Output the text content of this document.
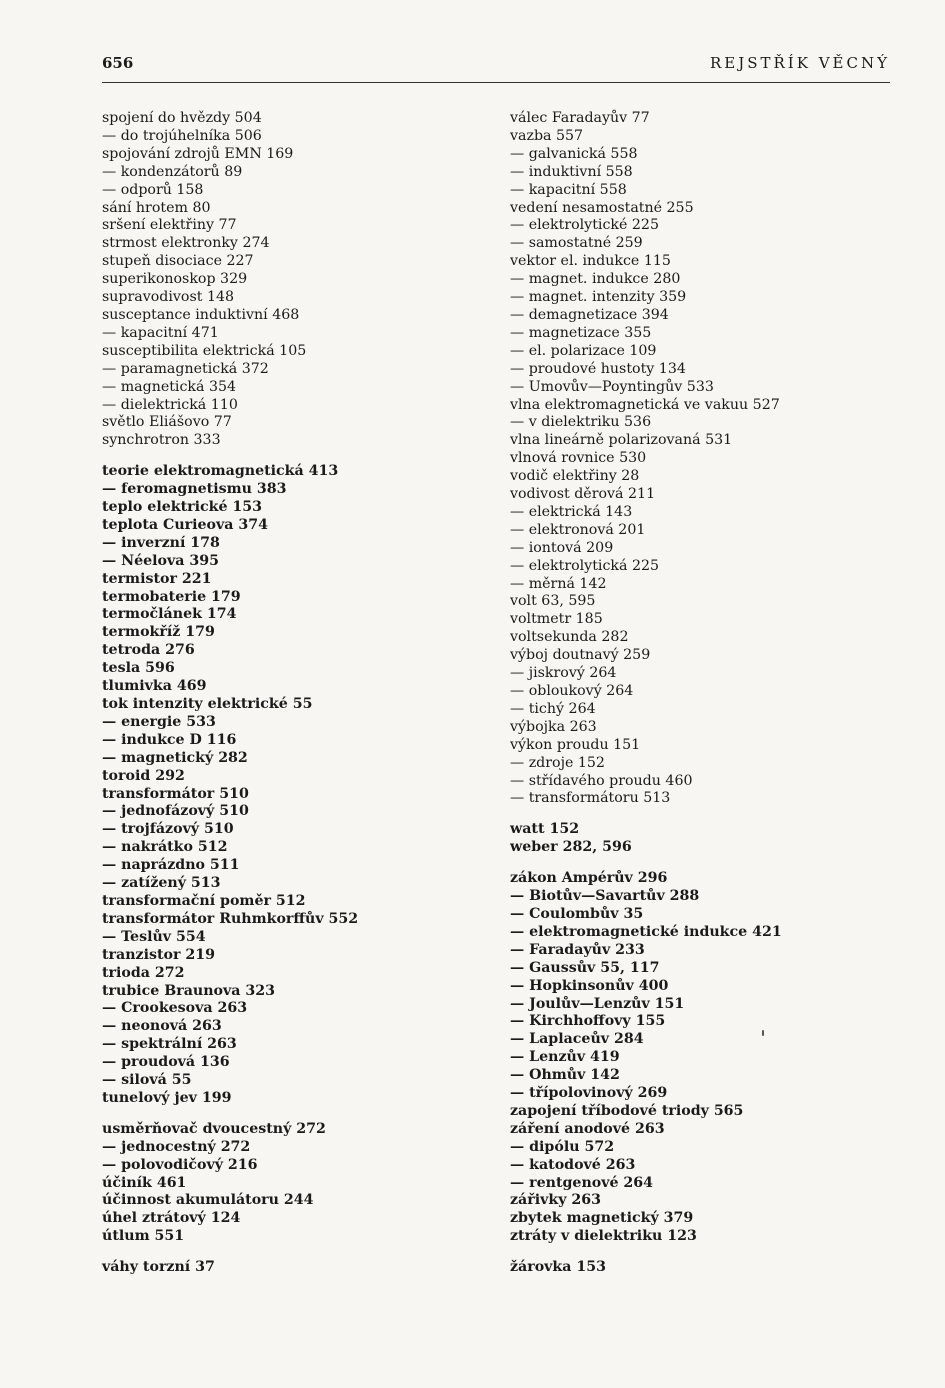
656	REJSTŘÍK VĚCNÝ
spojení do hvězdy 504
— do trojúhelníka 506
spojování zdrojů EMN 169
— kondenzátorů 89
— odporů 158
sání hrotem 80
sršení elektřiny 77
strmost elektronky 274
stupeň disociace 227
superikonoskop 329
supravodivost 148
susceptance induktivní 468
— kapacitní 471
susceptibilita elektrická 105
— paramagnetická 372
— magnetická 354
— dielektrická 110
světlo Eliášovo 77
synchrotron 333
teorie elektromagnetická 413
— feromagnetismu 383
teplo elektrické 153
teplota Curieova 374
— inverzní 178
— Néelova 395
termistor 221
termobaterie 179
termočlánek 174
termokříž 179
tetroda 276
tesla 596
tlumivka 469
tok intenzity elektrické 55
— energie 533
— indukce D 116
— magnetický 282
toroid 292
transformátor 510
— jednofázový 510
— trojfázový 510
— nakrátko 512
— naprázdno 511
— zatížený 513
transformační poměr 512
transformátor Ruhmkorffův 552
— Teslův 554
tranzistor 219
trioda 272
trubice Braunova 323
— Crookesova 263
— neonová 263
— spektrální 263
— proudová 136
— silová 55
tunelový jev 199
usměrňovač dvoucestný 272
— jednocestný 272
— polovodičový 216
účiník 461
účinnost akumulátoru 244
úhel ztrátový 124
útlum 551
váhy torzní 37
válec Faradayův 77
vazba 557
— galvanická 558
— induktivní 558
— kapacitní 558
vedení nesamostatné 255
— elektrolytické 225
— samostatné 259
vektor el. indukce 115
— magnet. indukce 280
— magnet. intenzity 359
— demagnetizace 394
— magnetizace 355
— el. polarizace 109
— proudové hustoty 134
— Umovův—Poyntingův 533
vlna elektromagnetická ve vakuu 527
— v dielektriku 536
vlna lineárně polarizovaná 531
vlnová rovnice 530
vodič elektřiny 28
vodivost děrová 211
— elektrická 143
— elektronová 201
— iontová 209
— elektrolytická 225
— měrná 142
volt 63, 595
voltmetr 185
voltsekunda 282
výboj doutnavý 259
— jiskrový 264
— obloukový 264
— tichý 264
výbojka 263
výkon proudu 151
— zdroje 152
— střídavého proudu 460
— transformátoru 513
watt 152
weber 282, 596
zákon Ampérův 296
— Biotův—Savartův 288
— Coulombův 35
— elektromagnetické indukce 421
— Faradayův 233
— Gaussův 55, 117
— Hopkinsonův 400
— Joulův—Lenzův 151
— Kirchhoffovy 155
— Laplaceův 284
— Lenzův 419
— Ohmův 142
— třípolovinový 269
zapojení tříbodové triody 565
záření anodové 263
— dipólu 572
— katodové 263
— rentgenové 264
zářivky 263
zbytek magnetický 379
ztráty v dielektriku 123
žárovka 153
